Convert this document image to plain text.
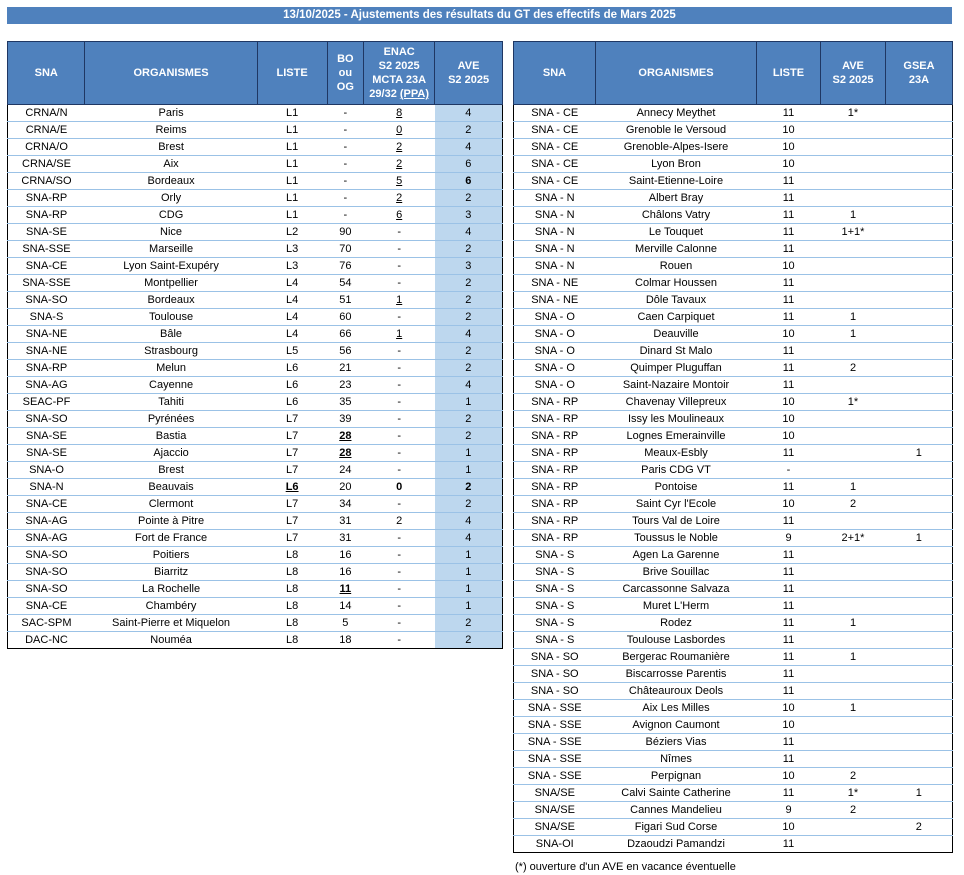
13/10/2025 - Ajustements des résultats du GT des effectifs de Mars 2025
SNA	ORGANISMES	LISTE	BO
ou
OG	ENAC
S2 2025
MCTA 23A
29/32 (PPA)	AVE
S2 2025
CRNA/N	Paris	L1	-	8	4
CRNA/E	Reims	L1	-	0	2
CRNA/O	Brest	L1	-	2	4
CRNA/SE	Aix	L1	-	2	6
CRNA/SO	Bordeaux	L1	-	5	6
SNA-RP	Orly	L1	-	2	2
SNA-RP	CDG	L1	-	6	3
SNA-SE	Nice	L2	90	-	4
SNA-SSE	Marseille	L3	70	-	2
SNA-CE	Lyon Saint-Exupéry	L3	76	-	3
SNA-SSE	Montpellier	L4	54	-	2
SNA-SO	Bordeaux	L4	51	1	2
SNA-S	Toulouse	L4	60	-	2
SNA-NE	Bâle	L4	66	1	4
SNA-NE	Strasbourg	L5	56	-	2
SNA-RP	Melun	L6	21	-	2
SNA-AG	Cayenne	L6	23	-	4
SEAC-PF	Tahiti	L6	35	-	1
SNA-SO	Pyrénées	L7	39	-	2
SNA-SE	Bastia	L7	28	-	2
SNA-SE	Ajaccio	L7	28	-	1
SNA-O	Brest	L7	24	-	1
SNA-N	Beauvais	L6	20	0	2
SNA-CE	Clermont	L7	34	-	2
SNA-AG	Pointe à Pitre	L7	31	2	4
SNA-AG	Fort de France	L7	31	-	4
SNA-SO	Poitiers	L8	16	-	1
SNA-SO	Biarritz	L8	16	-	1
SNA-SO	La Rochelle	L8	11	-	1
SNA-CE	Chambéry	L8	14	-	1
SAC-SPM	Saint-Pierre et Miquelon	L8	5	-	2
DAC-NC	Nouméa	L8	18	-	2
SNA	ORGANISMES	LISTE	AVE
S2 2025	GSEA
23A
SNA - CE	Annecy Meythet	11	1*	
SNA - CE	Grenoble le Versoud	10		
SNA - CE	Grenoble-Alpes-Isere	10		
SNA - CE	Lyon Bron	10		
SNA - CE	Saint-Etienne-Loire	11		
SNA - N	Albert Bray	11		
SNA - N	Châlons Vatry	11	1	
SNA - N	Le Touquet	11	1+1*	
SNA - N	Merville Calonne	11		
SNA - N	Rouen	10		
SNA - NE	Colmar Houssen	11		
SNA - NE	Dôle Tavaux	11		
SNA - O	Caen Carpiquet	11	1	
SNA - O	Deauville	10	1	
SNA - O	Dinard St Malo	11		
SNA - O	Quimper Pluguffan	11	2	
SNA - O	Saint-Nazaire Montoir	11		
SNA - RP	Chavenay Villepreux	10	1*	
SNA - RP	Issy les Moulineaux	10		
SNA - RP	Lognes Emerainville	10		
SNA - RP	Meaux-Esbly	11		1
SNA - RP	Paris CDG VT	-		
SNA - RP	Pontoise	11	1	
SNA - RP	Saint Cyr l'Ecole	10	2	
SNA - RP	Tours Val de Loire	11		
SNA - RP	Toussus le Noble	9	2+1*	1
SNA - S	Agen La Garenne	11		
SNA - S	Brive Souillac	11		
SNA - S	Carcassonne Salvaza	11		
SNA - S	Muret L'Herm	11		
SNA - S	Rodez	11	1	
SNA - S	Toulouse Lasbordes	11		
SNA - SO	Bergerac Roumanière	11	1	
SNA - SO	Biscarrosse Parentis	11		
SNA - SO	Châteauroux Deols	11		
SNA - SSE	Aix Les Milles	10	1	
SNA - SSE	Avignon Caumont	10		
SNA - SSE	Béziers Vias	11		
SNA - SSE	Nîmes	11		
SNA - SSE	Perpignan	10	2	
SNA/SE	Calvi Sainte Catherine	11	1*	1
SNA/SE	Cannes Mandelieu	9	2	
SNA/SE	Figari Sud Corse	10		2
SNA-OI	Dzaoudzi Pamandzi	11		
(*) ouverture d'un AVE en vacance éventuelle
